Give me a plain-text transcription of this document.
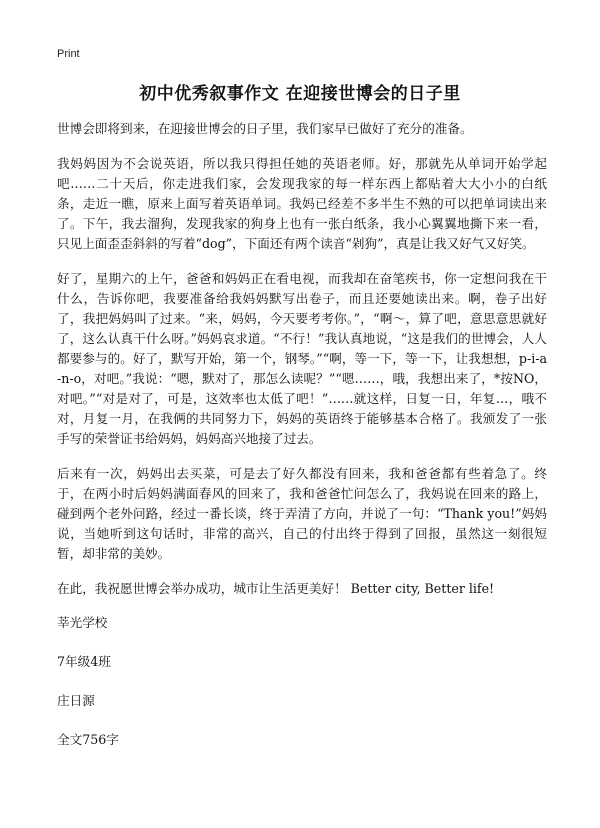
Print
初中优秀叙事作文 在迎接世博会的日子里

世博会即将到来，在迎接世博会的日子里，我们家早已做好了充分的准备。

我妈妈因为不会说英语，所以我只得担任她的英语老师。好，那就先从单词开始学起吧……二十天后，你走进我们家，会发现我家的每一样东西上都贴着大大小小的白纸条，走近一瞧，原来上面写着英语单词。我妈已经差不多半生不熟的可以把单词读出来了。下午，我去溜狗，发现我家的狗身上也有一张白纸条，我小心翼翼地撕下来一看，只见上面歪歪斜斜的写着“dog”，下面还有两个读音“剁狗”，真是让我又好气又好笑。

好了，星期六的上午，爸爸和妈妈正在看电视，而我却在奋笔疾书，你一定想问我在干什么，告诉你吧，我要准备给我妈妈默写出卷子，而且还要她读出来。啊，卷子出好了，我把妈妈叫了过来。“来，妈妈，今天要考考你。”，“啊～，算了吧，意思意思就好了，这么认真干什么呀。”妈妈哀求道。“不行！”我认真地说，“这是我们的世博会，人人都要参与的。好了，默写开始，第一个，钢琴。”“啊，等一下，等一下，让我想想，p-i-a-n-o，对吧。”我说：“嗯，默对了，那怎么读呢？”“嗯……，哦，我想出来了，*按NO，对吧。”“对是对了，可是，这效率也太低了吧！”……就这样，日复一日，年复…，哦不对，月复一月，在我俩的共同努力下，妈妈的英语终于能够基本合格了。我颁发了一张手写的荣誉证书给妈妈，妈妈高兴地接了过去。

后来有一次，妈妈出去买菜，可是去了好久都没有回来，我和爸爸都有些着急了。终于，在两小时后妈妈满面春风的回来了，我和爸爸忙问怎么了，我妈说在回来的路上，碰到两个老外问路，经过一番长谈，终于弄清了方向，并说了一句：“Thank you!”妈妈说，当她听到这句话时，非常的高兴，自己的付出终于得到了回报，虽然这一刻很短暂，却非常的美妙。

在此，我祝愿世博会举办成功，城市让生活更美好！ Better city, Better life!

莘光学校
7年级4班
庄日源
全文756字
